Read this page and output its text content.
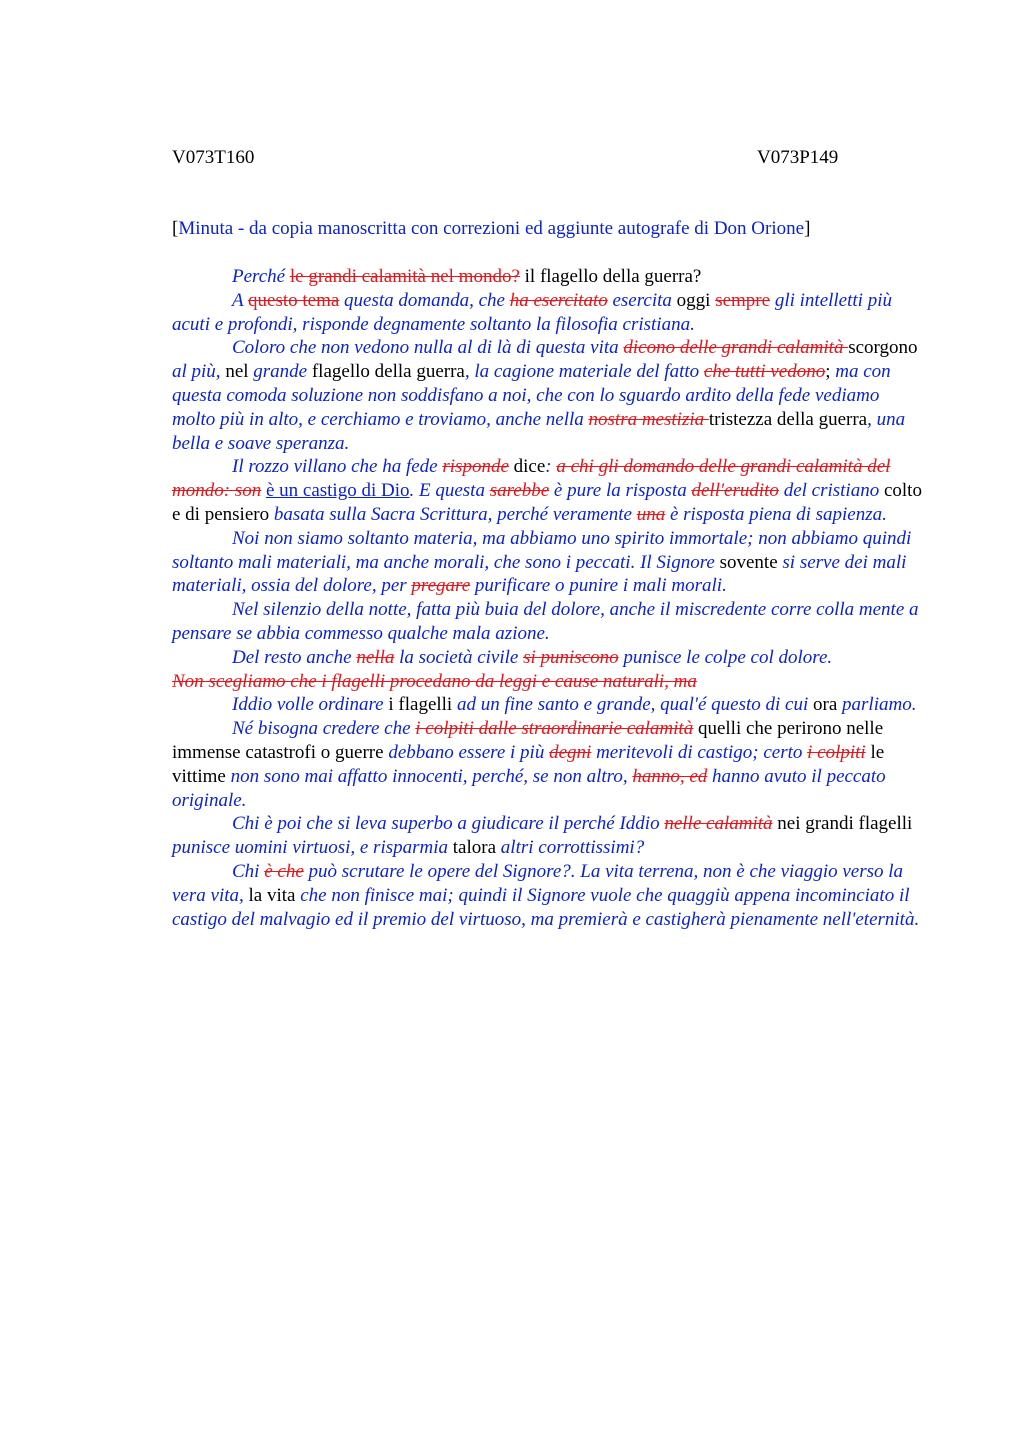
V073T160	V073P149
[Minuta - da copia manoscritta con correzioni ed aggiunte autografe di Don Orione]

Perché le grandi calamità nel mondo? il flagello della guerra?

A questo tema questa domanda, che ha esercitato esercita oggi sempre gli intelletti più acuti e profondi, risponde degnamente soltanto la filosofia cristiana.

Coloro che non vedono nulla al di là di questa vita dicono delle grandi calamità scorgono al più, nel grande flagello della guerra, la cagione materiale del fatto che tutti vedono; ma con questa comoda soluzione non soddisfano a noi, che con lo sguardo ardito della fede vediamo molto più in alto, e cerchiamo e troviamo, anche nella nostra mestizia tristezza della guerra, una bella e soave speranza.

Il rozzo villano che ha fede risponde dice: a chi gli domando delle grandi calamità del mondo: son è un castigo di Dio. E questa sarebbe è pure la risposta dell'erudito del cristiano colto e di pensiero basata sulla Sacra Scrittura, perché veramente una è risposta piena di sapienza.

Noi non siamo soltanto materia, ma abbiamo uno spirito immortale; non abbiamo quindi soltanto mali materiali, ma anche morali, che sono i peccati. Il Signore sovente si serve dei mali materiali, ossia del dolore, per pregare purificare o punire i mali morali.

Nel silenzio della notte, fatta più buia del dolore, anche il miscredente corre colla mente a pensare se abbia commesso qualche mala azione.

Del resto anche nella la società civile si puniscono punisce le colpe col dolore.

Non scegliamo che i flagelli procedano da leggi e cause naturali, ma

Iddio volle ordinare i flagelli ad un fine santo e grande, qual'é questo di cui ora parliamo.

Né bisogna credere che i colpiti dalle straordinarie calamità quelli che perirono nelle immense catastrofi o guerre debbano essere i più degni meritevoli di castigo; certo i colpiti le vittime non sono mai affatto innocenti, perché, se non altro, hanno, ed hanno avuto il peccato originale.

Chi è poi che si leva superbo a giudicare il perché Iddio nelle calamità nei grandi flagelli punisce uomini virtuosi, e risparmia talora altri corrottissimi?

Chi è che può scrutare le opere del Signore?. La vita terrena, non è che viaggio verso la vera vita, la vita che non finisce mai; quindi il Signore vuole che quaggiù appena incominciato il castigo del malvagio ed il premio del virtuoso, ma premierà e castigherà pienamente nell'eternità.
